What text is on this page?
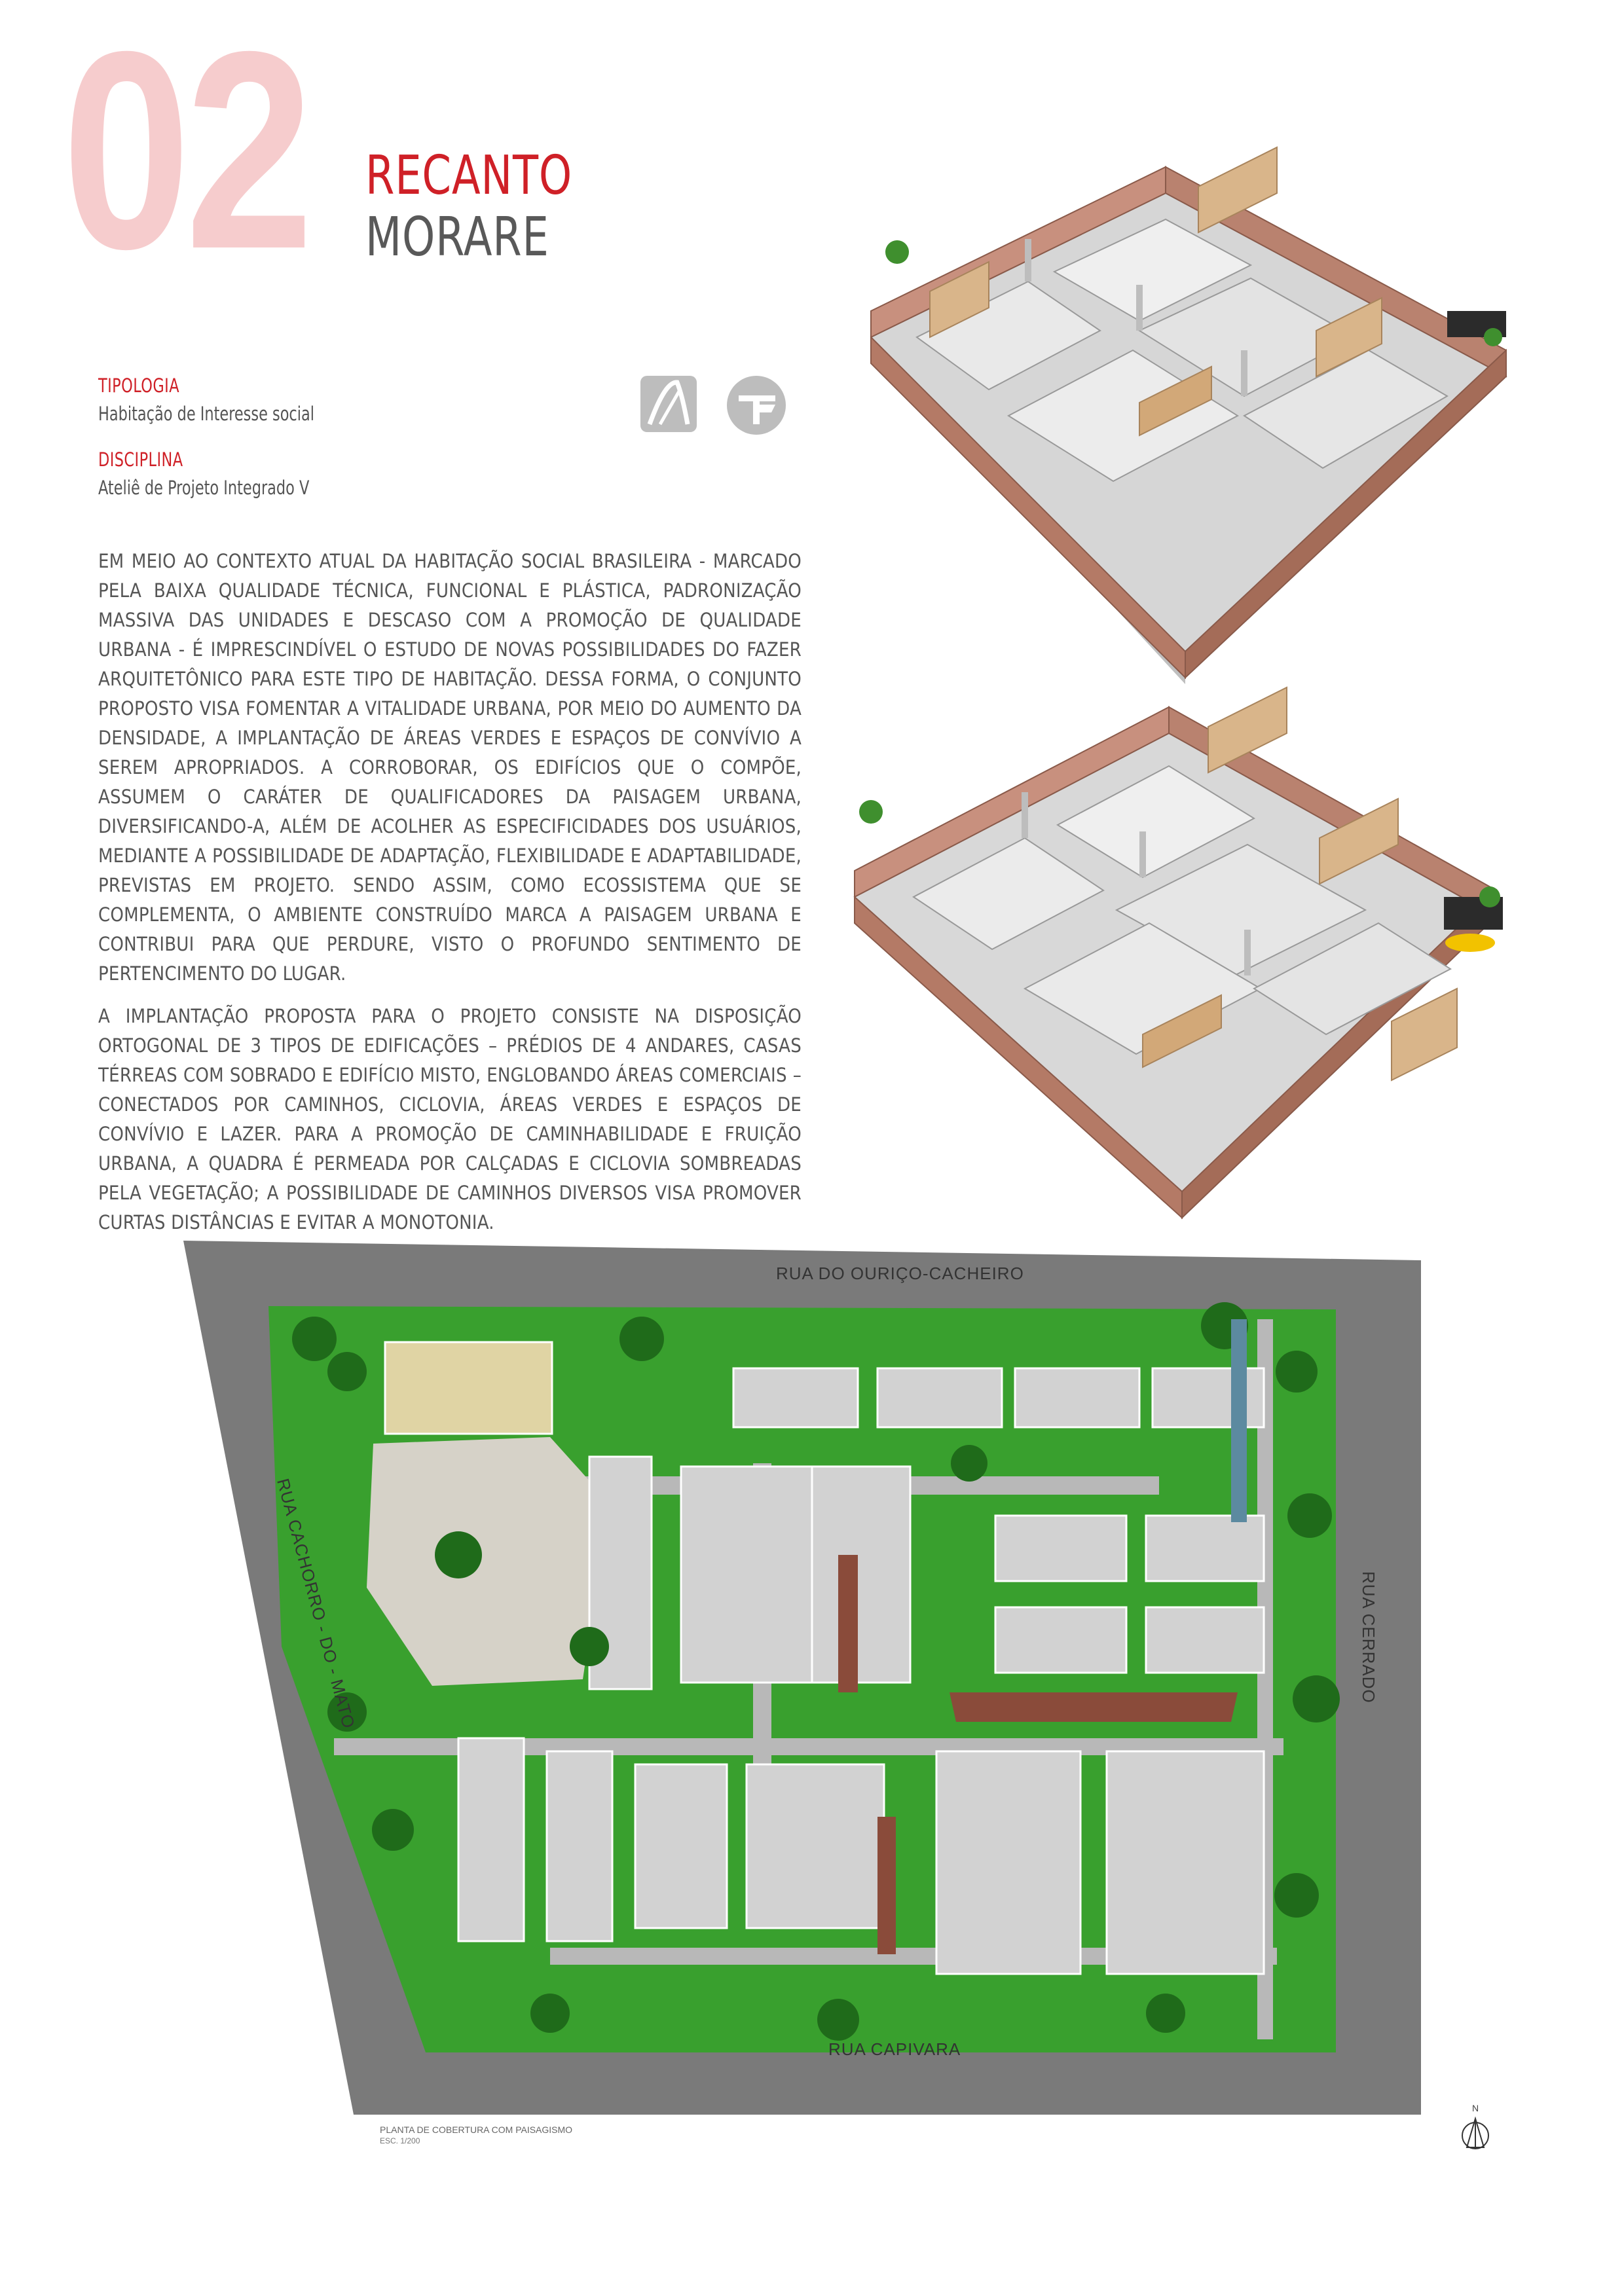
02 RECANTO
MORARE
TIPOLOGIA
Habitação de Interesse social
DISCIPLINA
Ateliê de Projeto Integrado V
EM MEIO AO CONTEXTO ATUAL DA HABITAÇÃO SOCIAL BRASILEIRA - MARCADO PELA BAIXA QUALIDADE TÉCNICA, FUNCIONAL E PLÁSTICA, PADRONIZAÇÃO MASSIVA DAS UNIDADES E DESCASO COM A PROMOÇÃO DE QUALIDADE URBANA - É IMPRESCINDÍVEL O ESTUDO DE NOVAS POSSIBILIDADES DO FAZER ARQUITETÔNICO PARA ESTE TIPO DE HABITAÇÃO. DESSA FORMA, O CONJUNTO PROPOSTO VISA FOMENTAR A VITALIDADE URBANA, POR MEIO DO AUMENTO DA DENSIDADE, A IMPLANTAÇÃO DE ÁREAS VERDES E ESPAÇOS DE CONVÍVIO A SEREM APROPRIADOS. A CORROBORAR, OS EDIFÍCIOS QUE O COMPÕE, ASSUMEM O CARÁTER DE QUALIFICADORES DA PAISAGEM URBANA, DIVERSIFICANDO-A, ALÉM DE ACOLHER AS ESPECIFICIDADES DOS USUÁRIOS, MEDIANTE A POSSIBILIDADE DE ADAPTAÇÃO, FLEXIBILIDADE E ADAPTABILIDADE, PREVISTAS EM PROJETO. SENDO ASSIM, COMO ECOSSISTEMA QUE SE COMPLEMENTA, O AMBIENTE CONSTRUÍDO MARCA A PAISAGEM URBANA E CONTRIBUI PARA QUE PERDURE, VISTO O PROFUNDO SENTIMENTO DE PERTENCIMENTO DO LUGAR.
A IMPLANTAÇÃO PROPOSTA PARA O PROJETO CONSISTE NA DISPOSIÇÃO ORTOGONAL DE 3 TIPOS DE EDIFICAÇÕES – PRÉDIOS DE 4 ANDARES, CASAS TÉRREAS COM SOBRADO E EDIFÍCIO MISTO, ENGLOBANDO ÁREAS COMERCIAIS – CONECTADOS POR CAMINHOS, CICLOVIA, ÁREAS VERDES E ESPAÇOS DE CONVÍVIO E LAZER. PARA A PROMOÇÃO DE CAMINHABILIDADE E FRUIÇÃO URBANA, A QUADRA É PERMEADA POR CALÇADAS E CICLOVIA SOMBREADAS PELA VEGETAÇÃO; A POSSIBILIDADE DE CAMINHOS DIVERSOS VISA PROMOVER CURTAS DISTÂNCIAS E EVITAR A MONOTONIA.
RUA DO OURIÇO-CACHEIRO
RUA CERRADO
RUA CAPIVARA
RUA CACHORRO - DO - MATO
PLANTA DE COBERTURA COM PAISAGISMO
ESC. 1/200
N
